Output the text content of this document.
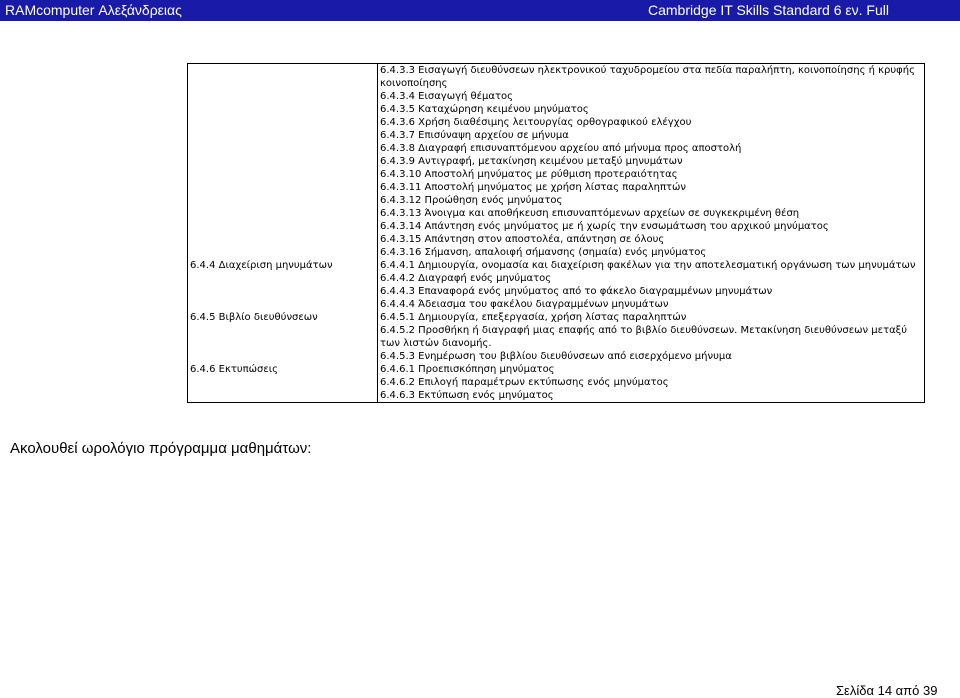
RAMcomputer Αλεξάνδρειας	Cambridge IT Skills Standard 6 εν. Full
6.4.3.3 Εισαγωγή διευθύνσεων ηλεκτρονικού ταχυδρομείου στα πεδία παραλήπτη, κοινοποίησης ή κρυφής κοινοποίησης
6.4.3.4 Εισαγωγή θέματος
6.4.3.5 Καταχώρηση κειμένου μηνύματος
6.4.3.6 Χρήση διαθέσιμης λειτουργίας ορθογραφικού ελέγχου
6.4.3.7 Επισύναψη αρχείου σε μήνυμα
6.4.3.8 Διαγραφή επισυναπτόμενου αρχείου από μήνυμα προς αποστολή
6.4.3.9 Αντιγραφή, μετακίνηση κειμένου μεταξύ μηνυμάτων
6.4.3.10 Αποστολή μηνύματος με ρύθμιση προτεραιότητας
6.4.3.11 Αποστολή μηνύματος με χρήση λίστας παραληπτών
6.4.3.12 Προώθηση ενός μηνύματος
6.4.3.13 Άνοιγμα και αποθήκευση επισυναπτόμενων αρχείων σε συγκεκριμένη θέση
6.4.3.14 Απάντηση ενός μηνύματος με ή χωρίς την ενσωμάτωση του αρχικού μηνύματος
6.4.3.15 Απάντηση στον αποστολέα, απάντηση σε όλους
6.4.3.16 Σήμανση, απαλοιφή σήμανσης (σημαία) ενός μηνύματος
6.4.4 Διαχείριση μηνυμάτων	6.4.4.1 Δημιουργία, ονομασία και διαχείριση φακέλων για την αποτελεσματική οργάνωση των μηνυμάτων
6.4.4.2 Διαγραφή ενός μηνύματος
6.4.4.3 Επαναφορά ενός μηνύματος από το φάκελο διαγραμμένων μηνυμάτων
6.4.4.4 Άδειασμα του φακέλου διαγραμμένων μηνυμάτων
6.4.5 Βιβλίο διευθύνσεων	6.4.5.1 Δημιουργία, επεξεργασία, χρήση λίστας παραληπτών
6.4.5.2 Προσθήκη ή διαγραφή μιας επαφής από το βιβλίο διευθύνσεων. Μετακίνηση διευθύνσεων μεταξύ των λιστών διανομής.
6.4.5.3 Ενημέρωση του βιβλίου διευθύνσεων από εισερχόμενο μήνυμα
6.4.6 Εκτυπώσεις	6.4.6.1 Προεπισκόπηση μηνύματος
6.4.6.2 Επιλογή παραμέτρων εκτύπωσης ενός μηνύματος
6.4.6.3 Εκτύπωση ενός μηνύματος
Ακολουθεί ωρολόγιο πρόγραμμα μαθημάτων:
Σελίδα 14 από 39
